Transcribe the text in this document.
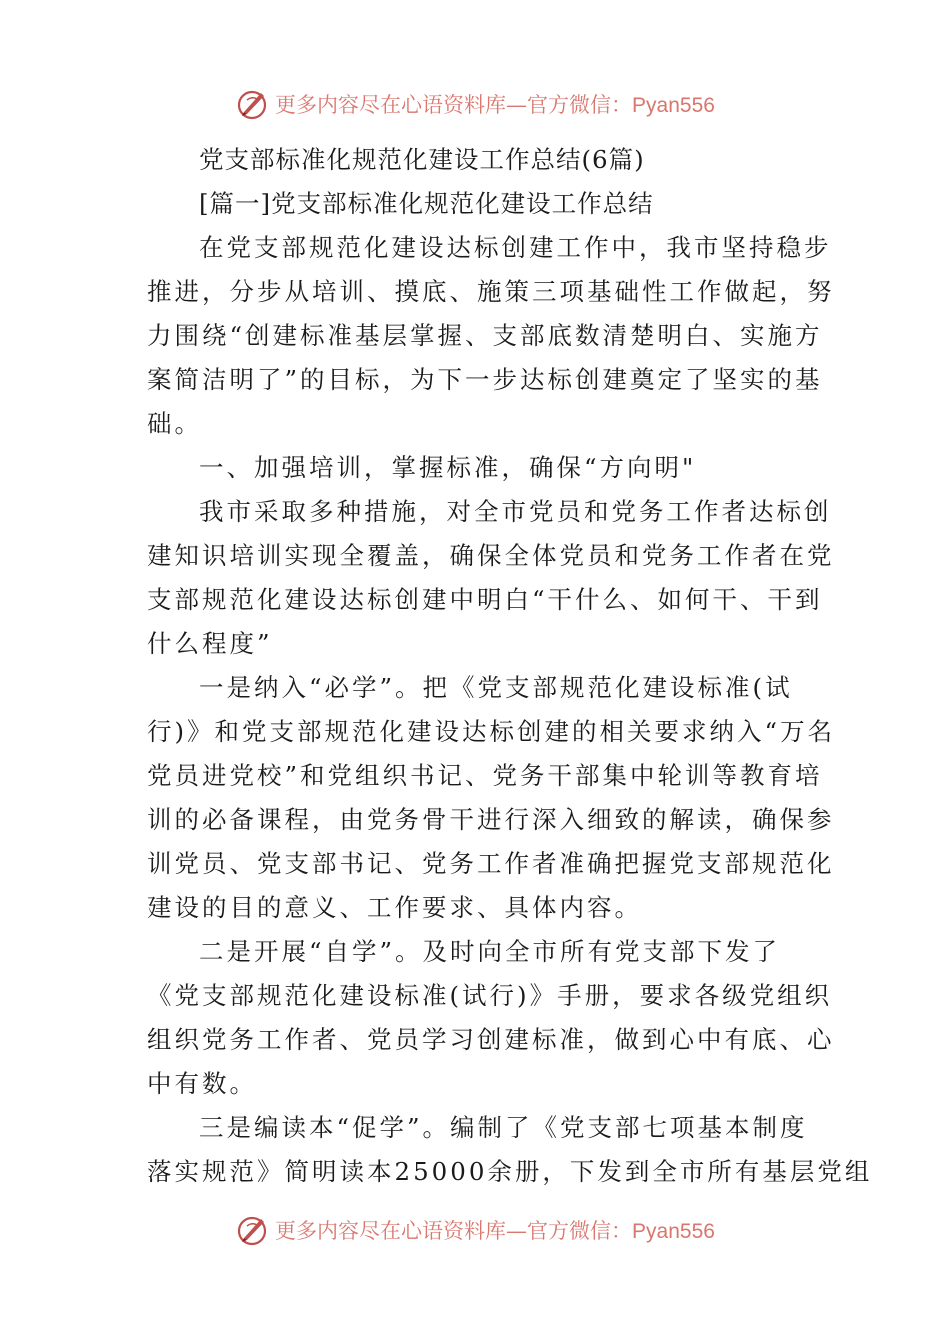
更多内容尽在心语资料库—官方微信：Pyan556
党支部标准化规范化建设工作总结(6篇)
[篇一]党支部标准化规范化建设工作总结
在党支部规范化建设达标创建工作中，我市坚持稳步
推进，分步从培训、摸底、施策三项基础性工作做起，努
力围绕“创建标准基层掌握、支部底数清楚明白、实施方
案简洁明了”的目标，为下一步达标创建奠定了坚实的基
础。
一、加强培训，掌握标准，确保“方向明"
我市采取多种措施，对全市党员和党务工作者达标创
建知识培训实现全覆盖，确保全体党员和党务工作者在党
支部规范化建设达标创建中明白“干什么、如何干、干到
什么程度”
一是纳入“必学”。把《党支部规范化建设标准(试
行)》和党支部规范化建设达标创建的相关要求纳入“万名
党员进党校”和党组织书记、党务干部集中轮训等教育培
训的必备课程，由党务骨干进行深入细致的解读，确保参
训党员、党支部书记、党务工作者准确把握党支部规范化
建设的目的意义、工作要求、具体内容。
二是开展“自学”。及时向全市所有党支部下发了
《党支部规范化建设标准(试行)》手册，要求各级党组织
组织党务工作者、党员学习创建标准，做到心中有底、心
中有数。
三是编读本“促学”。编制了《党支部七项基本制度
落实规范》简明读本25000余册，下发到全市所有基层党组
更多内容尽在心语资料库—官方微信：Pyan556
